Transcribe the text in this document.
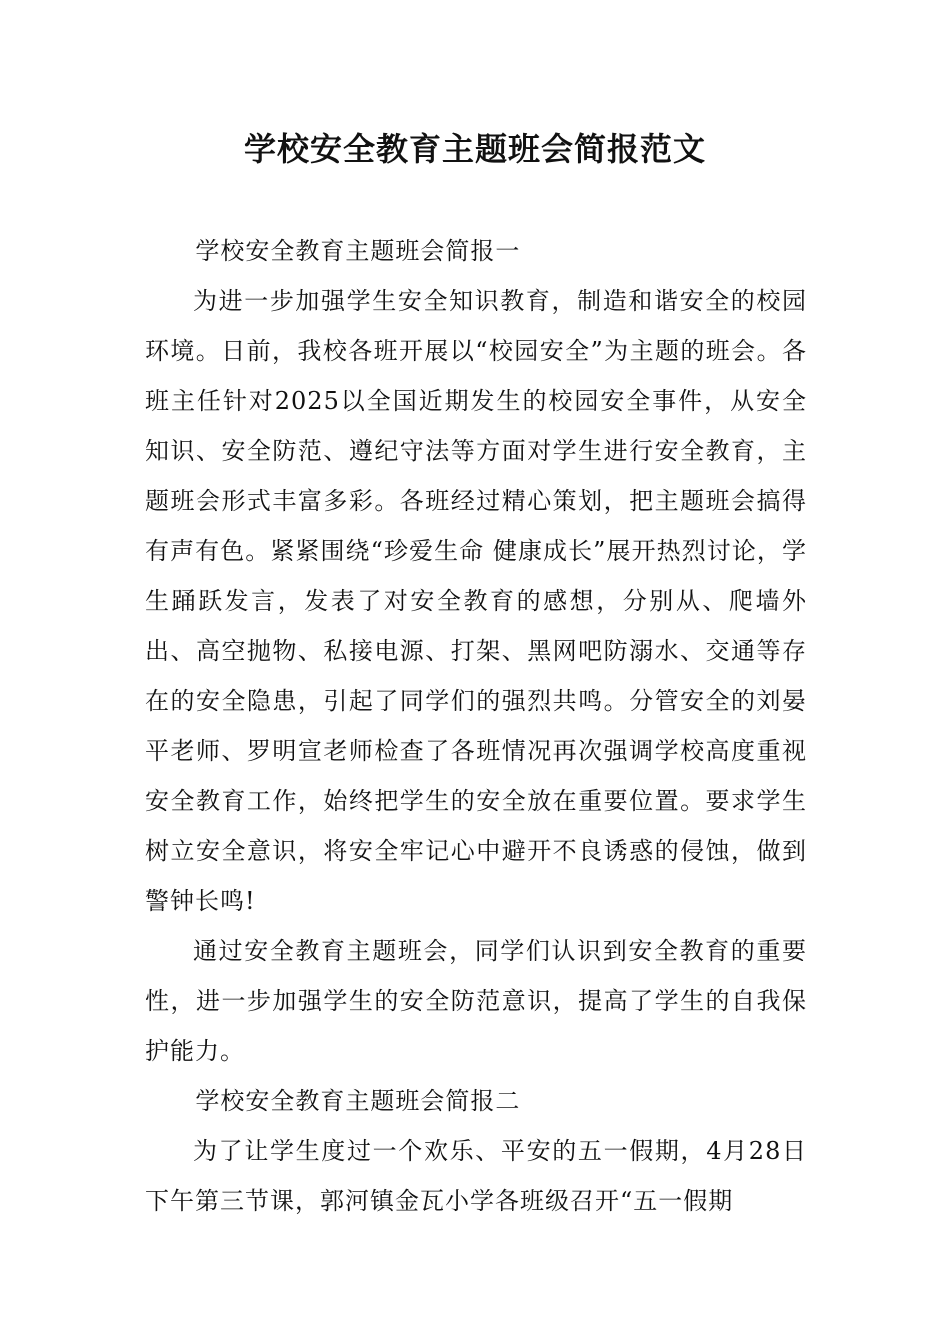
学校安全教育主题班会简报范文

学校安全教育主题班会简报一

为进一步加强学生安全知识教育，制造和谐安全的校园环境。日前，我校各班开展以“校园安全”为主题的班会。各班主任针对2025以全国近期发生的校园安全事件，从安全知识、安全防范、遵纪守法等方面对学生进行安全教育，主题班会形式丰富多彩。各班经过精心策划，把主题班会搞得有声有色。紧紧围绕“珍爱生命 健康成长”展开热烈讨论，学生踊跃发言，发表了对安全教育的感想，分别从、爬墙外出、高空抛物、私接电源、打架、黑网吧防溺水、交通等存在的安全隐患，引起了同学们的强烈共鸣。分管安全的刘晏平老师、罗明宣老师检查了各班情况再次强调学校高度重视安全教育工作，始终把学生的安全放在重要位置。要求学生树立安全意识，将安全牢记心中避开不良诱惑的侵蚀，做到警钟长鸣!

通过安全教育主题班会，同学们认识到安全教育的重要性，进一步加强学生的安全防范意识，提高了学生的自我保护能力。

学校安全教育主题班会简报二

为了让学生度过一个欢乐、平安的五一假期，4月28日下午第三节课，郭河镇金瓦小学各班级召开“五一假期
